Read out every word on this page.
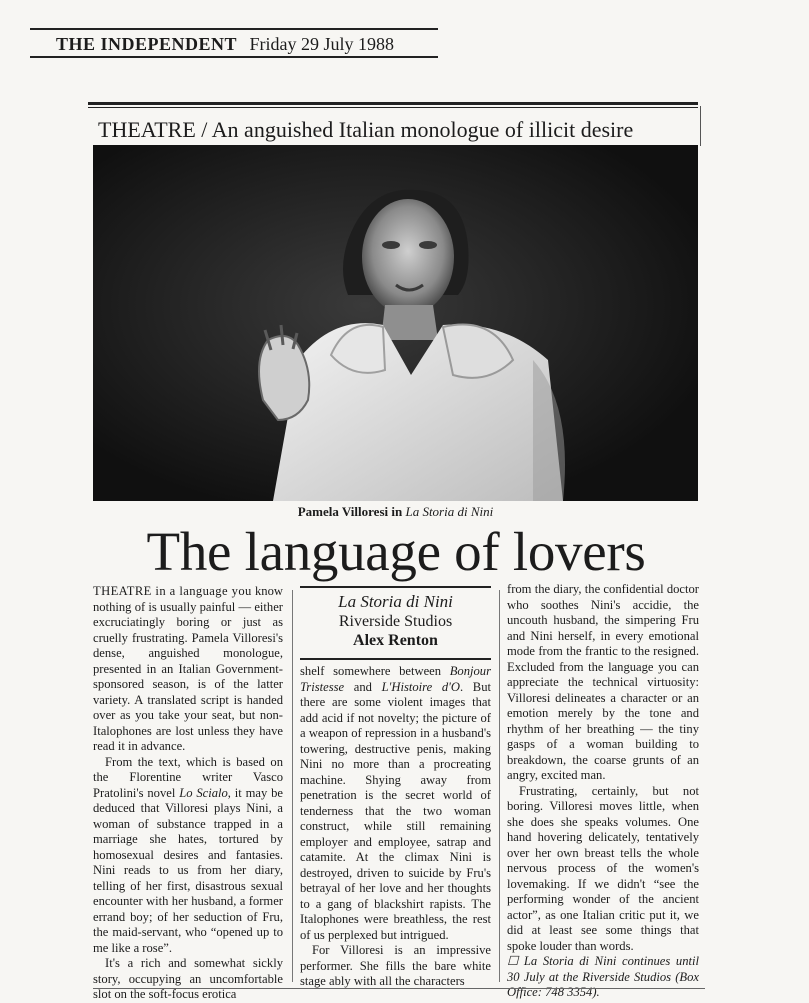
THE INDEPENDENT Friday 29 July 1988
THEATRE / An anguished Italian monologue of illicit desire
Pamela Villoresi in La Storia di Nini
The language of lovers

THEATRE in a language you know nothing of is usually painful — either excruciatingly boring or just as cruelly frustrating. Pamela Villoresi's dense, anguished monologue, presented in an Italian Government-sponsored season, is of the latter variety. A translated script is handed over as you take your seat, but non-Italophones are lost unless they have read it in advance.

From the text, which is based on the Florentine writer Vasco Pratolini's novel Lo Scialo, it may be deduced that Villoresi plays Nini, a woman of substance trapped in a marriage she hates, tortured by homosexual desires and fantasies. Nini reads to us from her diary, telling of her first, disastrous sexual encounter with her husband, a former errand boy; of her seduction of Fru, the maid-servant, who “opened up to me like a rose”.

It's a rich and somewhat sickly story, occupying an uncomfortable slot on the soft-focus erotica

La Storia di Nini
Riverside Studios
Alex Renton

shelf somewhere between Bonjour Tristesse and L'Histoire d'O. But there are some violent images that add acid if not novelty; the picture of a weapon of repression in a husband's towering, destructive penis, making Nini no more than a procreating machine. Shying away from penetration is the secret world of tenderness that the two woman construct, while still remaining employer and employee, satrap and catamite. At the climax Nini is destroyed, driven to suicide by Fru's betrayal of her love and her thoughts to a gang of blackshirt rapists. The Italophones were breathless, the rest of us perplexed but intrigued.

For Villoresi is an impressive performer. She fills the bare white stage ably with all the characters

from the diary, the confidential doctor who soothes Nini's accidie, the uncouth husband, the simpering Fru and Nini herself, in every emotional mode from the frantic to the resigned. Excluded from the language you can appreciate the technical virtuosity: Villoresi delineates a character or an emotion merely by the tone and rhythm of her breathing — the tiny gasps of a woman building to breakdown, the coarse grunts of an angry, excited man.

Frustrating, certainly, but not boring. Villoresi moves little, when she does she speaks volumes. One hand hovering delicately, tentatively over her own breast tells the whole nervous process of the women's lovemaking. If we didn't “see the performing wonder of the ancient actor”, as one Italian critic put it, we did at least see some things that spoke louder than words.

☐ La Storia di Nini continues until 30 July at the Riverside Studios (Box Office: 748 3354).
